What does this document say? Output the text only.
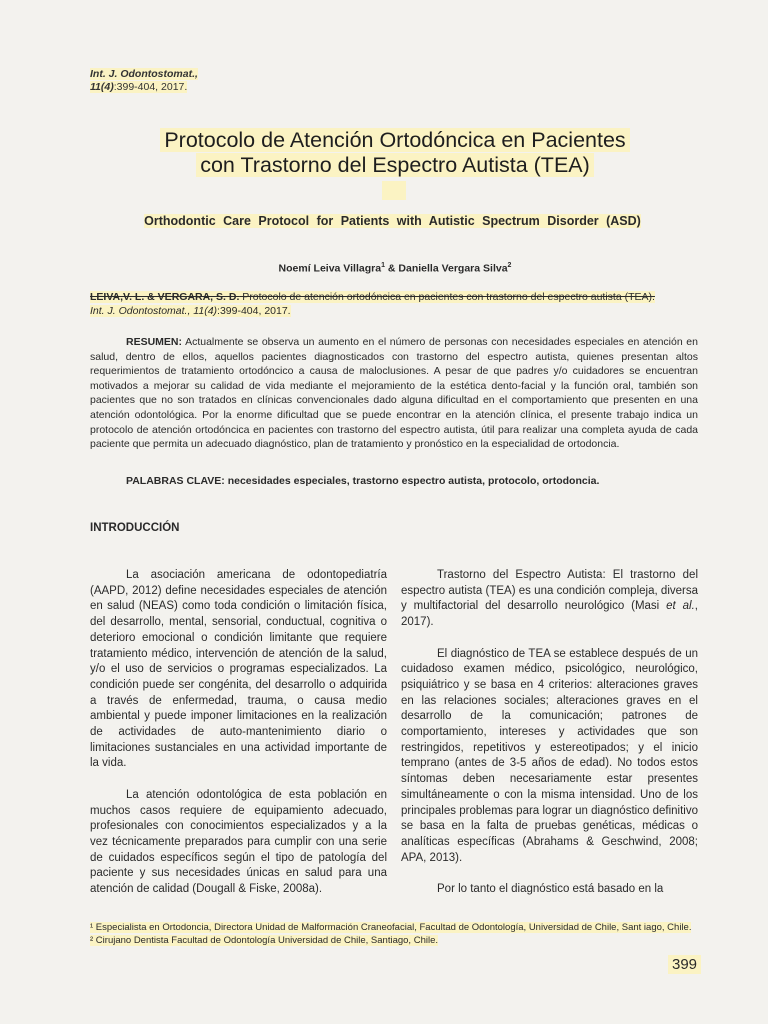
Int. J. Odontostomat.,
11(4):399-404, 2017.
Protocolo de Atención Ortodóncica en Pacientes
con Trastorno del Espectro Autista (TEA)
Orthodontic Care Protocol for Patients with Autistic Spectrum Disorder (ASD)
Noemí Leiva Villagra$^1$ & Daniella Vergara Silva$^2$
LEIVA,V. L. & VERGARA, S. D. Protocolo de atención ortodóncica en pacientes con trastorno del espectro autista (TEA).
Int. J. Odontostomat., 11(4):399-404, 2017.

RESUMEN: Actualmente se observa un aumento en el número de personas con necesidades especiales en atención en salud, dentro de ellos, aquellos pacientes diagnosticados con trastorno del espectro autista, quienes presentan altos requerimientos de tratamiento ortodóncico a causa de maloclusiones. A pesar de que padres y/o cuidadores se encuentran motivados a mejorar su calidad de vida mediante el mejoramiento de la estética dento-facial y la función oral, también son pacientes que no son tratados en clínicas convencionales dado alguna dificultad en el comportamiento que presenten en una atención odontológica. Por la enorme dificultad que se puede encontrar en la atención clínica, el presente trabajo indica un protocolo de atención ortodóncica en pacientes con trastorno del espectro autista, útil para realizar una completa ayuda de cada paciente que permita un adecuado diagnóstico, plan de tratamiento y pronóstico en la especialidad de ortodoncia.

PALABRAS CLAVE: necesidades especiales, trastorno espectro autista, protocolo, ortodoncia.
INTRODUCCIÓN

La asociación americana de odontopediatría (AAPD, 2012) define necesidades especiales de atención en salud (NEAS) como toda condición o limitación física, del desarrollo, mental, sensorial, conductual, cognitiva o deterioro emocional o condición limitante que requiere tratamiento médico, intervención de atención de la salud, y/o el uso de servicios o programas especializados. La condición puede ser congénita, del desarrollo o adquirida a través de enfermedad, trauma, o causa medio ambiental y puede imponer limitaciones en la realización de actividades de auto-mantenimiento diario o limitaciones sustanciales en una actividad importante de la vida.

La atención odontológica de esta población en muchos casos requiere de equipamiento adecuado, profesionales con conocimientos especializados y a la vez técnicamente preparados para cumplir con una serie de cuidados específicos según el tipo de patología del paciente y sus necesidades únicas en salud para una atención de calidad (Dougall & Fiske, 2008a).

Trastorno del Espectro Autista: El trastorno del espectro autista (TEA) es una condición compleja, diversa y multifactorial del desarrollo neurológico (Masi et al., 2017).

El diagnóstico de TEA se establece después de un cuidadoso examen médico, psicológico, neurológico, psiquiátrico y se basa en 4 criterios: alteraciones graves en las relaciones sociales; alteraciones graves en el desarrollo de la comunicación; patrones de comportamiento, intereses y actividades que son restringidos, repetitivos y estereotipados; y el inicio temprano (antes de 3-5 años de edad). No todos estos síntomas deben necesariamente estar presentes simultáneamente o con la misma intensidad. Uno de los principales problemas para lograr un diagnóstico definitivo se basa en la falta de pruebas genéticas, médicas o analíticas específicas (Abrahams & Geschwind, 2008; APA, 2013).

Por lo tanto el diagnóstico está basado en la

¹ Especialista en Ortodoncia, Directora Unidad de Malformación Craneofacial, Facultad de Odontología, Universidad de Chile, Sant iago, Chile.
² Cirujano Dentista Facultad de Odontología Universidad de Chile, Santiago, Chile.
399
